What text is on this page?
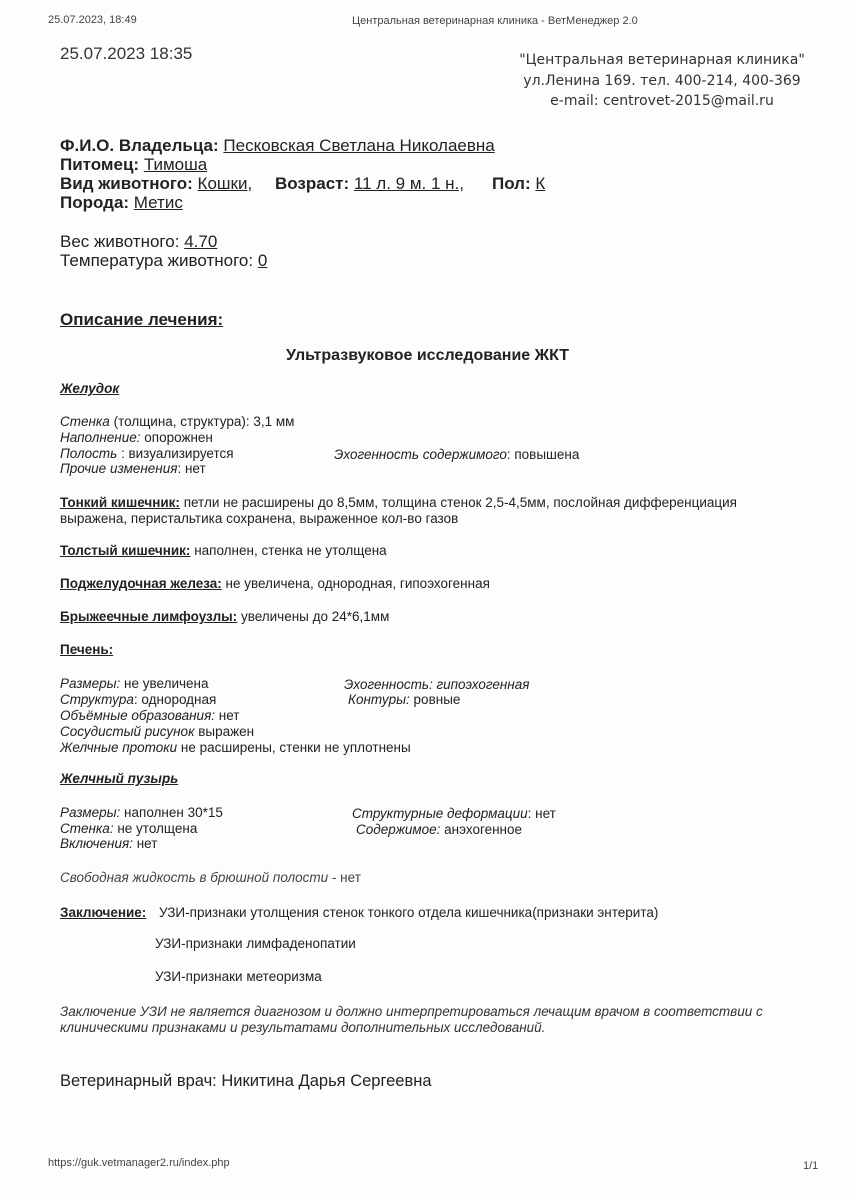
25.07.2023, 18:49	Центральная ветеринарная клиника - ВетМенеджер 2.0
25.07.2023 18:35	"Центральная ветеринарная клиника"
ул.Ленина 169. тел. 400-214, 400-369
e-mail: centrovet-2015@mail.ru
Ф.И.О. Владельца: Песковская Светлана Николаевна
Питомец: Тимоша
Вид животного: Кошки, Возраст: 11 л. 9 м. 1 н., Пол: К
Порода: Метис
Вес животного: 4.70
Температура животного: 0
Описание лечения:
Ультразвуковое исследование ЖКТ
Желудок
Стенка (толщина, структура): 3,1 мм
Наполнение: опорожнен
Полость : визуализируется	Эхогенность содержимого: повышена
Прочие изменения: нет
Тонкий кишечник: петли не расширены до 8,5мм, толщина стенок 2,5-4,5мм, послойная дифференциация выражена, перистальтика сохранена, выраженное кол-во газов
Толстый кишечник: наполнен, стенка не утолщена
Поджелудочная железа: не увеличена, однородная, гипоэхогенная
Брыжеечные лимфоузлы: увеличены до 24*6,1мм
Печень:
Размеры: не увеличена	Эхогенность: гипоэхогенная
Структура: однородная	Контуры: ровные
Объёмные образования: нет
Сосудистый рисунок выражен
Желчные протоки не расширены, стенки не уплотнены
Желчный пузырь
Размеры: наполнен 30*15	Структурные деформации: нет
Стенка: не утолщена	Содержимое: анэхогенное
Включения: нет
Свободная жидкость в брюшной полости - нет
Заключение: УЗИ-признаки утолщения стенок тонкого отдела кишечника(признаки энтерита)
УЗИ-признаки лимфаденопатии
УЗИ-признаки метеоризма
Заключение УЗИ не является диагнозом и должно интерпретироваться лечащим врачом в соответствии с клиническими признаками и результатами дополнительных исследований.
Ветеринарный врач: Никитина Дарья Сергеевна
https://guk.vetmanager2.ru/index.php	1/1
